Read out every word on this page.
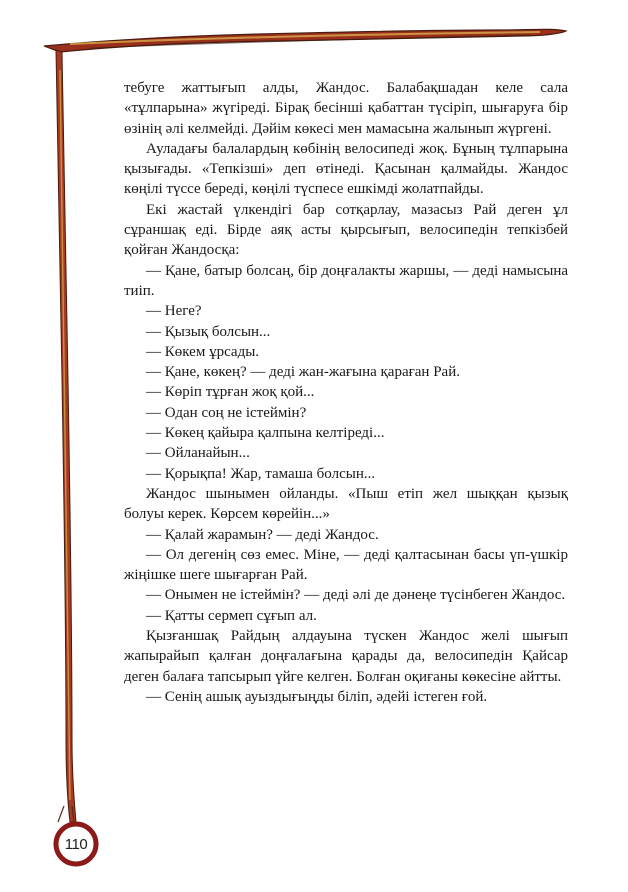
тебуге жаттығып алды, Жандос. Балабақшадан келе сала «тұлпарына» жүгіреді. Бірақ бесінші қабаттан түсіріп, шығаруға бір өзінің әлі келмейді. Дәйім көкесі мен мамасына жалынып жүргені.

Ауладағы балалардың көбінің велосипеді жоқ. Бұның тұлпарына қызығады. «Тепкізші» деп өтінеді. Қасынан қалмайды. Жандос көңілі түссе береді, көңілі түспесе ешкімді жолатпайды.

Екі жастай үлкендігі бар сотқарлау, мазасыз Рай деген ұл сұраншақ еді. Бірде аяқ асты қырсығып, велосипедін тепкізбей қойған Жандосқа:

— Қане, батыр болсаң, бір доңғалакты жаршы, — деді намысына тиіп.

— Неге?

— Қызық болсын...

— Көкем ұрсады.

— Қане, көкең? — деді жан-жағына қараған Рай.

— Көріп тұрған жоқ қой...

— Одан соң не істеймін?

— Көкең қайыра қалпына келтіреді...

— Ойланайын...

— Қорықпа! Жар, тамаша болсын...

Жандос шынымен ойланды. «Пыш етіп жел шыққан қызық болуы керек. Көрсем көрейін...»

— Қалай жарамын? — деді Жандос.

— Ол дегенің сөз емес. Міне, — деді қалтасынан басы үп-үшкір жіңішке шеге шығарған Рай.

— Онымен не істеймін? — деді әлі де дәнеңе түсінбеген Жандос.

— Қатты сермеп сұғып ал.

Қызғаншақ Райдың алдауына түскен Жандос желі шығып жапырайып қалған доңғалағына қарады да, велосипедін Қайсар деген балаға тапсырып үйге келген. Болған оқиғаны көкесіне айтты.

— Сенің ашық ауыздығыңды біліп, әдейі істеген ғой.

110
